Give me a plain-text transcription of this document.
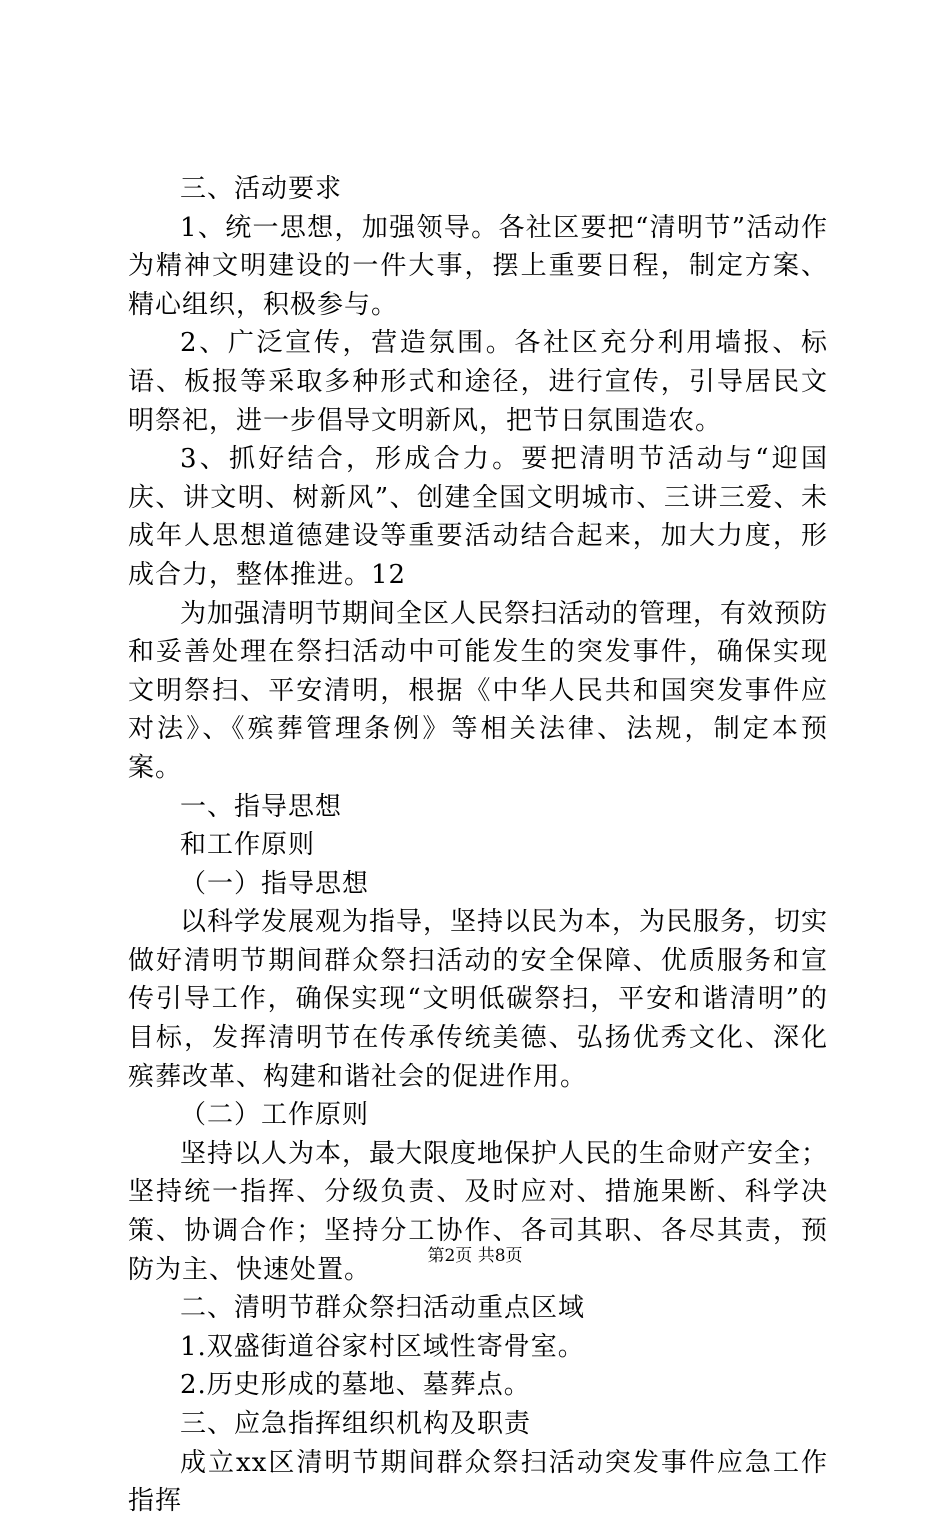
三、活动要求

1、统一思想，加强领导。各社区要把“清明节”活动作为精神文明建设的一件大事，摆上重要日程，制定方案、精心组织，积极参与。

2、广泛宣传，营造氛围。各社区充分利用墙报、标语、板报等采取多种形式和途径，进行宣传，引导居民文明祭祀，进一步倡导文明新风，把节日氛围造农。

3、抓好结合，形成合力。要把清明节活动与“迎国庆、讲文明、树新风”、创建全国文明城市、三讲三爱、未成年人思想道德建设等重要活动结合起来，加大力度，形成合力，整体推进。12

为加强清明节期间全区人民祭扫活动的管理，有效预防和妥善处理在祭扫活动中可能发生的突发事件，确保实现文明祭扫、平安清明，根据《中华人民共和国突发事件应对法》、《殡葬管理条例》等相关法律、法规，制定本预案。

一、指导思想

和工作原则

（一）指导思想

以科学发展观为指导，坚持以民为本，为民服务，切实做好清明节期间群众祭扫活动的安全保障、优质服务和宣传引导工作，确保实现“文明低碳祭扫，平安和谐清明”的目标，发挥清明节在传承传统美德、弘扬优秀文化、深化殡葬改革、构建和谐社会的促进作用。

（二）工作原则

坚持以人为本，最大限度地保护人民的生命财产安全；坚持统一指挥、分级负责、及时应对、措施果断、科学决策、协调合作；坚持分工协作、各司其职、各尽其责，预防为主、快速处置。

二、清明节群众祭扫活动重点区域

1.双盛街道谷家村区域性寄骨室。

2.历史形成的墓地、墓葬点。

三、应急指挥组织机构及职责

成立xx区清明节期间群众祭扫活动突发事件应急工作指挥

第2页 共8页
